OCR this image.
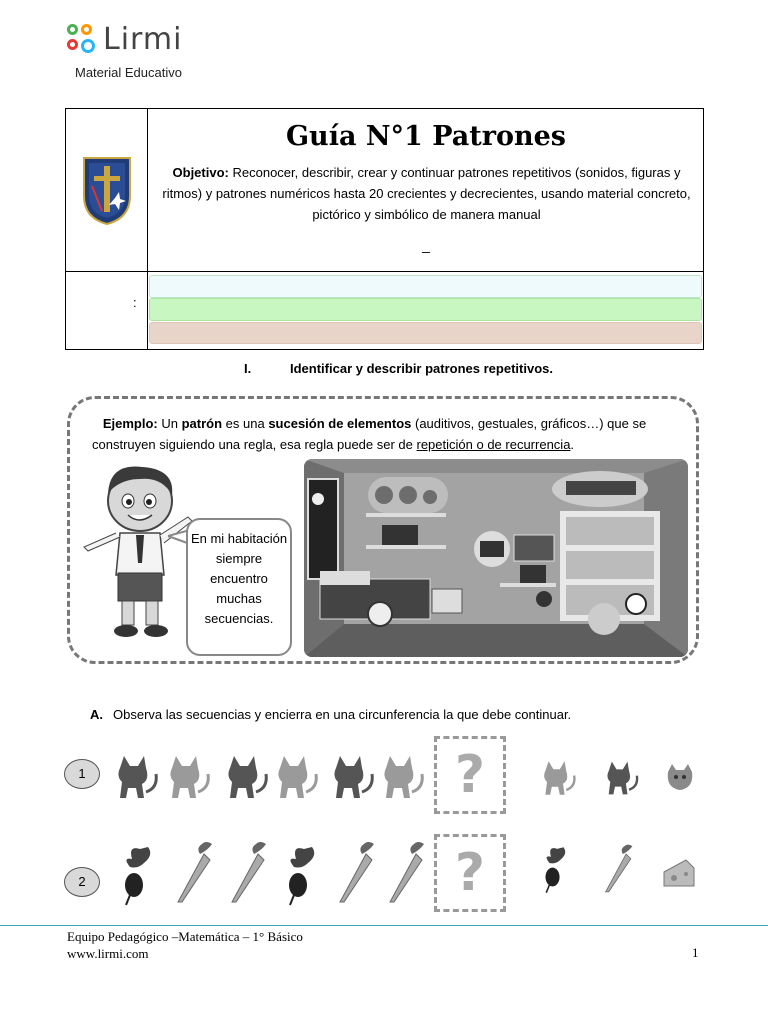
Lirmi
Material Educativo
Guía N°1 Patrones
Objetivo: Reconocer, describir, crear y continuar patrones repetitivos (sonidos, figuras y ritmos) y patrones numéricos hasta 20 crecientes y decrecientes, usando material concreto, pictórico y simbólico de manera manual
_
:
I.	Identificar y describir patrones repetitivos.
Ejemplo: Un patrón es una sucesión de elementos (auditivos, gestuales, gráficos…) que se construyen siguiendo una regla, esa regla puede ser de repetición o de recurrencia.
En mi habitación siempre encuentro muchas secuencias.
A. Observa las secuencias y encierra en una circunferencia la que debe continuar.
1	?
2	?
Equipo Pedagógico –Matemática – 1° Básico
www.lirmi.com	1
